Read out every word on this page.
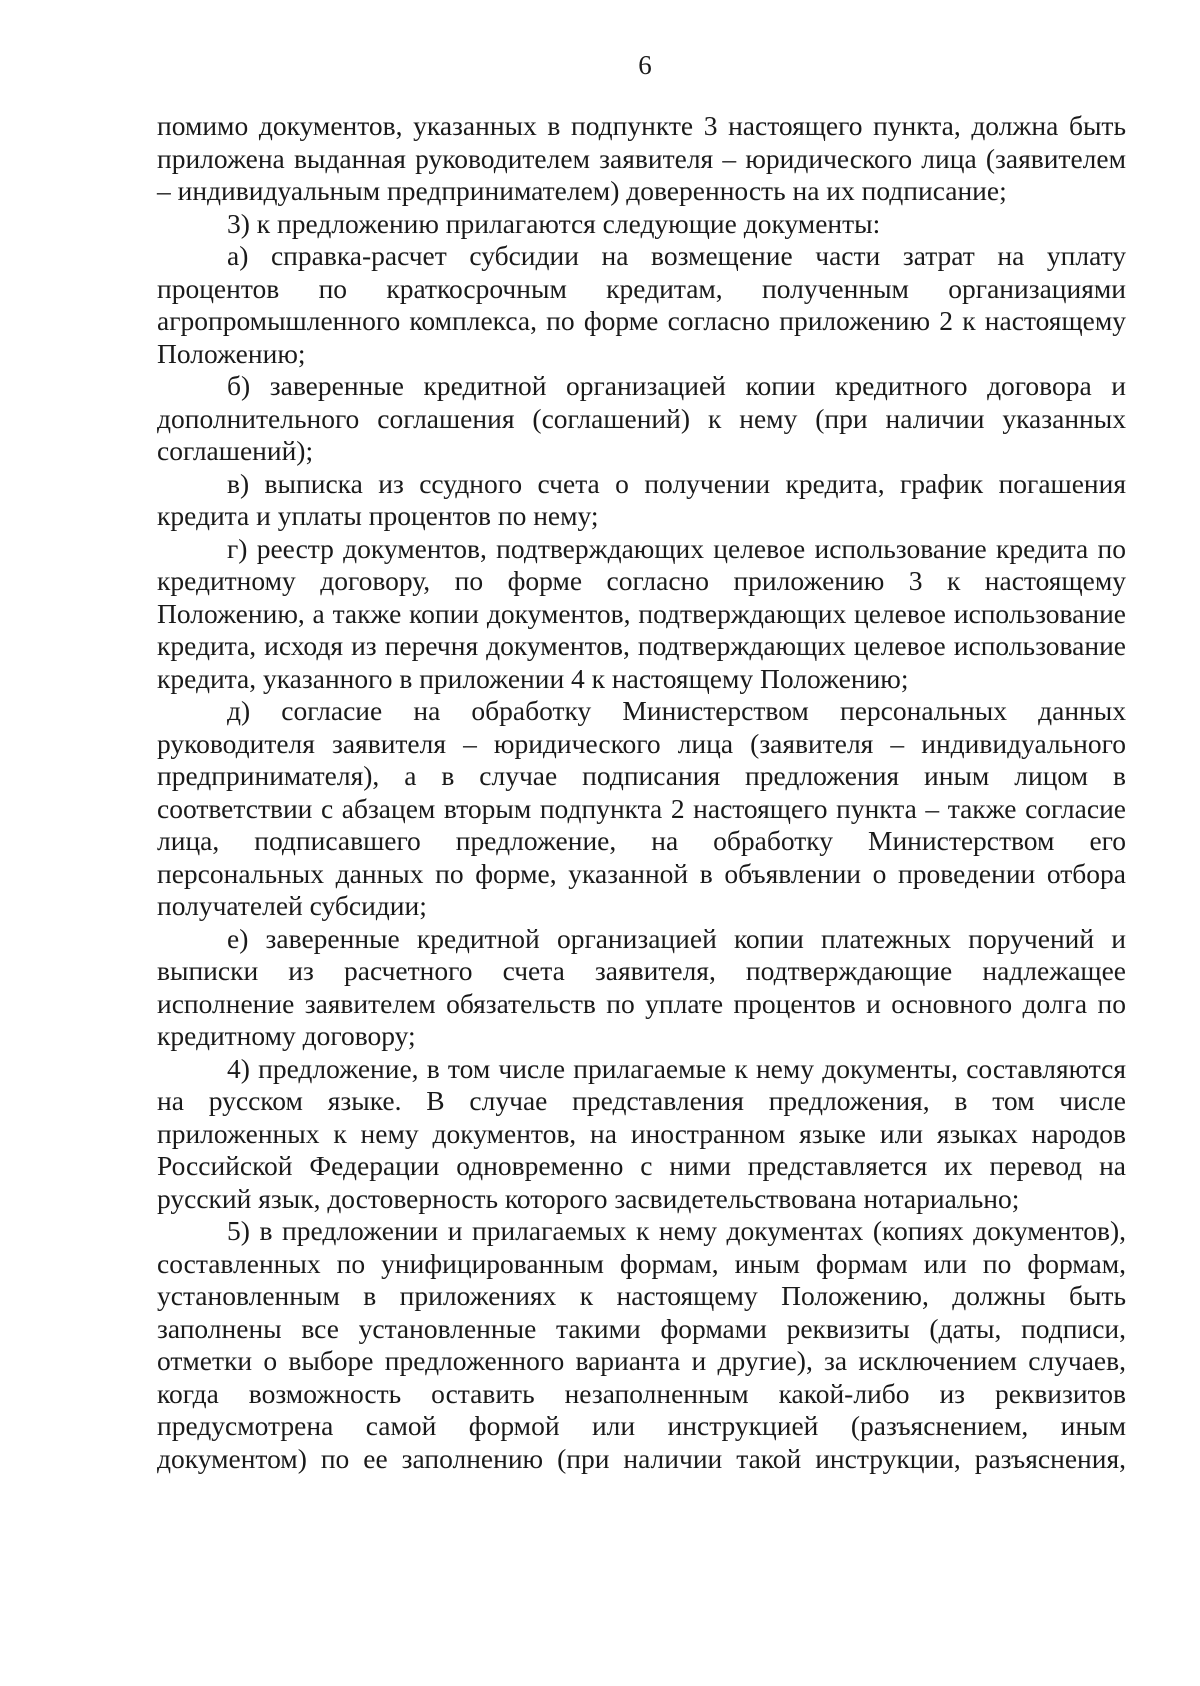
6

помимо документов, указанных в подпункте 3 настоящего пункта, должна быть приложена выданная руководителем заявителя – юридического лица (заявителем – индивидуальным предпринимателем) доверенность на их подписание;

3) к предложению прилагаются следующие документы:

а) справка-расчет субсидии на возмещение части затрат на уплату процентов по краткосрочным кредитам, полученным организациями агропромышленного комплекса, по форме согласно приложению 2 к настоящему Положению;

б) заверенные кредитной организацией копии кредитного договора и дополнительного соглашения (соглашений) к нему (при наличии указанных соглашений);

в) выписка из ссудного счета о получении кредита, график погашения кредита и уплаты процентов по нему;

г) реестр документов, подтверждающих целевое использование кредита по кредитному договору, по форме согласно приложению 3 к настоящему Положению, а также копии документов, подтверждающих целевое использование кредита, исходя из перечня документов, подтверждающих целевое использование кредита, указанного в приложении 4 к настоящему Положению;

д) согласие на обработку Министерством персональных данных руководителя заявителя – юридического лица (заявителя – индивидуального предпринимателя), а в случае подписания предложения иным лицом в соответствии с абзацем вторым подпункта 2 настоящего пункта – также согласие лица, подписавшего предложение, на обработку Министерством его персональных данных по форме, указанной в объявлении о проведении отбора получателей субсидии;

е) заверенные кредитной организацией копии платежных поручений и выписки из расчетного счета заявителя, подтверждающие надлежащее исполнение заявителем обязательств по уплате процентов и основного долга по кредитному договору;

4) предложение, в том числе прилагаемые к нему документы, составляются на русском языке. В случае представления предложения, в том числе приложенных к нему документов, на иностранном языке или языках народов Российской Федерации одновременно с ними представляется их перевод на русский язык, достоверность которого засвидетельствована нотариально;

5) в предложении и прилагаемых к нему документах (копиях документов), составленных по унифицированным формам, иным формам или по формам, установленным в приложениях к настоящему Положению, должны быть заполнены все установленные такими формами реквизиты (даты, подписи, отметки о выборе предложенного варианта и другие), за исключением случаев, когда возможность оставить незаполненным какой-либо из реквизитов предусмотрена самой формой или инструкцией (разъяснением, иным документом) по ее заполнению (при наличии такой инструкции, разъяснения,
